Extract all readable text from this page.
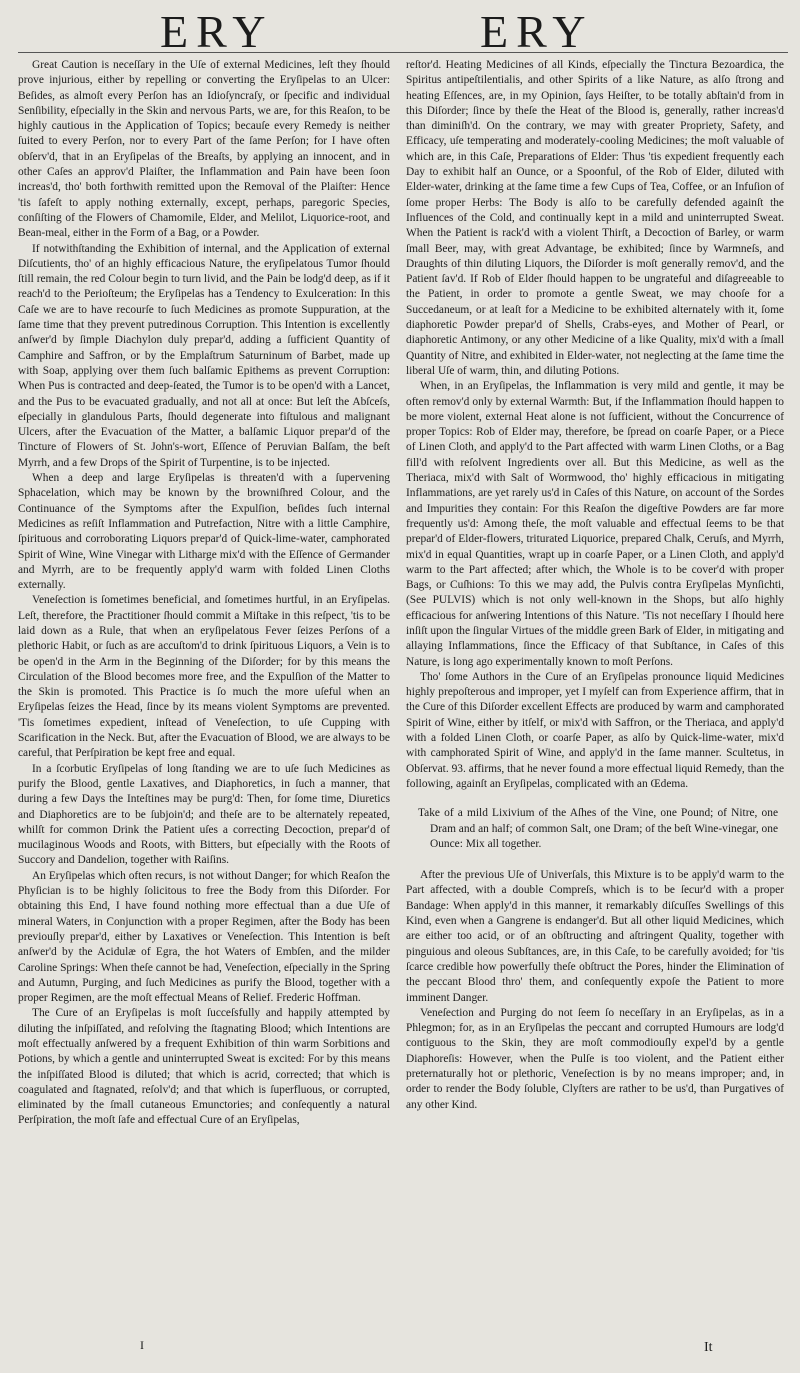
ERY	ERY

Great Caution is neceſſary in the Uſe of external Medicines, leſt they ſhould prove injurious, either by repelling or converting the Eryſipelas to an Ulcer: Beſides, as almoſt every Perſon has an Idioſyncraſy, or ſpecific and individual Senſibility, eſpecially in the Skin and nervous Parts, we are, for this Reaſon, to be highly cautious in the Application of Topics; becauſe every Remedy is neither ſuited to every Perſon, nor to every Part of the ſame Perſon; for I have often obſerv'd, that in an Eryſipelas of the Breaſts, by applying an innocent, and in other Caſes an approv'd Plaiſter, the Inflammation and Pain have been ſoon increas'd, tho' both forthwith remitted upon the Removal of the Plaiſter: Hence 'tis ſafeſt to apply nothing externally, except, perhaps, paregoric Species, conſiſting of the Flowers of Chamomile, Elder, and Melilot, Liquorice-root, and Bean-meal, either in the Form of a Bag, or a Powder.

If notwithſtanding the Exhibition of internal, and the Application of external Diſcutients, tho' of an highly efficacious Nature, the eryſipelatous Tumor ſhould ſtill remain, the red Colour begin to turn livid, and the Pain be lodg'd deep, as if it reach'd to the Perioſteum; the Eryſipelas has a Tendency to Exulceration: In this Caſe we are to have recourſe to ſuch Medicines as promote Suppuration, at the ſame time that they prevent putredinous Corruption. This Intention is excellently anſwer'd by ſimple Diachylon duly prepar'd, adding a ſufficient Quantity of Camphire and Saffron, or by the Emplaſtrum Saturninum of Barbet, made up with Soap, applying over them ſuch balſamic Epithems as prevent Corruption: When Pus is contracted and deep-ſeated, the Tumor is to be open'd with a Lancet, and the Pus to be evacuated gradually, and not all at once: But leſt the Abſceſs, eſpecially in glandulous Parts, ſhould degenerate into fiſtulous and malignant Ulcers, after the Evacuation of the Matter, a balſamic Liquor prepar'd of the Tincture of Flowers of St. John's-wort, Eſſence of Peruvian Balſam, the beſt Myrrh, and a few Drops of the Spirit of Turpentine, is to be injected.

When a deep and large Eryſipelas is threaten'd with a ſupervening Sphacelation, which may be known by the browniſhred Colour, and the Continuance of the Symptoms after the Expulſion, beſides ſuch internal Medicines as reſiſt Inflammation and Putrefaction, Nitre with a little Camphire, ſpirituous and corroborating Liquors prepar'd of Quick-lime-water, camphorated Spirit of Wine, Wine Vinegar with Litharge mix'd with the Eſſence of Germander and Myrrh, are to be frequently apply'd warm with folded Linen Cloths externally.

Veneſection is ſometimes beneficial, and ſometimes hurtful, in an Eryſipelas. Leſt, therefore, the Practitioner ſhould commit a Miſtake in this reſpect, 'tis to be laid down as a Rule, that when an eryſipelatous Fever ſeizes Perſons of a plethoric Habit, or ſuch as are accuſtom'd to drink ſpirituous Liquors, a Vein is to be open'd in the Arm in the Beginning of the Diſorder; for by this means the Circulation of the Blood becomes more free, and the Expulſion of the Matter to the Skin is promoted. This Practice is ſo much the more uſeful when an Eryſipelas ſeizes the Head, ſince by its means violent Symptoms are prevented. 'Tis ſometimes expedient, inſtead of Veneſection, to uſe Cupping with Scarification in the Neck. But, after the Evacuation of Blood, we are always to be careful, that Perſpiration be kept free and equal.

In a ſcorbutic Eryſipelas of long ſtanding we are to uſe ſuch Medicines as purify the Blood, gentle Laxatives, and Diaphoretics, in ſuch a manner, that during a few Days the Inteſtines may be purg'd: Then, for ſome time, Diuretics and Diaphoretics are to be ſubjoin'd; and theſe are to be alternately repeated, whilſt for common Drink the Patient uſes a correcting Decoction, prepar'd of mucilaginous Woods and Roots, with Bitters, but eſpecially with the Roots of Succory and Dandelion, together with Raiſins.

An Eryſipelas which often recurs, is not without Danger; for which Reaſon the Phyſician is to be highly ſolicitous to free the Body from this Diſorder. For obtaining this End, I have found nothing more effectual than a due Uſe of mineral Waters, in Conjunction with a proper Regimen, after the Body has been previouſly prepar'd, either by Laxatives or Veneſection. This Intention is beſt anſwer'd by the Acidulæ of Egra, the hot Waters of Embſen, and the milder Caroline Springs: When theſe cannot be had, Veneſection, eſpecially in the Spring and Autumn, Purging, and ſuch Medicines as purify the Blood, together with a proper Regimen, are the moſt effectual Means of Relief. Frederic Hoffman.

The Cure of an Eryſipelas is moſt ſucceſsfully and happily attempted by diluting the inſpiſſated, and reſolving the ſtagnating Blood; which Intentions are moſt effectually anſwered by a frequent Exhibition of thin warm Sorbitions and Potions, by which a gentle and uninterrupted Sweat is excited: For by this means the inſpiſſated Blood is diluted; that which is acrid, corrected; that which is coagulated and ſtagnated, reſolv'd; and that which is ſuperfluous, or corrupted, eliminated by the ſmall cutaneous Emunctories; and conſequently a natural Perſpiration, the moſt ſafe and effectual Cure of an Eryſipelas,

reſtor'd. Heating Medicines of all Kinds, eſpecially the Tinctura Bezoardica, the Spiritus antipeſtilentialis, and other Spirits of a like Nature, as alſo ſtrong and heating Eſſences, are, in my Opinion, ſays Heiſter, to be totally abſtain'd from in this Diſorder; ſince by theſe the Heat of the Blood is, generally, rather increas'd than diminiſh'd. On the contrary, we may with greater Propriety, Safety, and Efficacy, uſe temperating and moderately-cooling Medicines; the moſt valuable of which are, in this Caſe, Preparations of Elder: Thus 'tis expedient frequently each Day to exhibit half an Ounce, or a Spoonful, of the Rob of Elder, diluted with Elder-water, drinking at the ſame time a few Cups of Tea, Coffee, or an Infuſion of ſome proper Herbs: The Body is alſo to be carefully defended againſt the Influences of the Cold, and continually kept in a mild and uninterrupted Sweat. When the Patient is rack'd with a violent Thirſt, a Decoction of Barley, or warm ſmall Beer, may, with great Advantage, be exhibited; ſince by Warmneſs, and Draughts of thin diluting Liquors, the Diſorder is moſt generally remov'd, and the Patient ſav'd. If Rob of Elder ſhould happen to be ungrateful and diſagreeable to the Patient, in order to promote a gentle Sweat, we may chooſe for a Succedaneum, or at leaſt for a Medicine to be exhibited alternately with it, ſome diaphoretic Powder prepar'd of Shells, Crabs-eyes, and Mother of Pearl, or diaphoretic Antimony, or any other Medicine of a like Quality, mix'd with a ſmall Quantity of Nitre, and exhibited in Elder-water, not neglecting at the ſame time the liberal Uſe of warm, thin, and diluting Potions.

When, in an Eryſipelas, the Inflammation is very mild and gentle, it may be often remov'd only by external Warmth: But, if the Inflammation ſhould happen to be more violent, external Heat alone is not ſufficient, without the Concurrence of proper Topics: Rob of Elder may, therefore, be ſpread on coarſe Paper, or a Piece of Linen Cloth, and apply'd to the Part affected with warm Linen Cloths, or a Bag fill'd with reſolvent Ingredients over all. But this Medicine, as well as the Theriaca, mix'd with Salt of Wormwood, tho' highly efficacious in mitigating Inflammations, are yet rarely us'd in Caſes of this Nature, on account of the Sordes and Impurities they contain: For this Reaſon the digeſtive Powders are far more frequently us'd: Among theſe, the moſt valuable and effectual ſeems to be that prepar'd of Elder-flowers, triturated Liquorice, prepared Chalk, Ceruſs, and Myrrh, mix'd in equal Quantities, wrapt up in coarſe Paper, or a Linen Cloth, and apply'd warm to the Part affected; after which, the Whole is to be cover'd with proper Bags, or Cuſhions: To this we may add, the Pulvis contra Eryſipelas Mynſichti, (See PULVIS) which is not only well-known in the Shops, but alſo highly efficacious for anſwering Intentions of this Nature. 'Tis not neceſſary I ſhould here inſiſt upon the ſingular Virtues of the middle green Bark of Elder, in mitigating and allaying Inflammations, ſince the Efficacy of that Subſtance, in Caſes of this Nature, is long ago experimentally known to moſt Perſons.

Tho' ſome Authors in the Cure of an Eryſipelas pronounce liquid Medicines highly prepoſterous and improper, yet I myſelf can from Experience affirm, that in the Cure of this Diſorder excellent Effects are produced by warm and camphorated Spirit of Wine, either by itſelf, or mix'd with Saffron, or the Theriaca, and apply'd with a folded Linen Cloth, or coarſe Paper, as alſo by Quick-lime-water, mix'd with camphorated Spirit of Wine, and apply'd in the ſame manner. Scultetus, in Obſervat. 93. affirms, that he never found a more effectual liquid Remedy, than the following, againſt an Eryſipelas, complicated with an Œdema.

Take of a mild Lixivium of the Aſhes of the Vine, one Pound; of Nitre, one Dram and an half; of common Salt, one Dram; of the beſt Wine-vinegar, one Ounce: Mix all together.

After the previous Uſe of Univerſals, this Mixture is to be apply'd warm to the Part affected, with a double Compreſs, which is to be ſecur'd with a proper Bandage: When apply'd in this manner, it remarkably diſcuſſes Swellings of this Kind, even when a Gangrene is endanger'd. But all other liquid Medicines, which are either too acid, or of an obſtructing and aſtringent Quality, together with pinguious and oleous Subſtances, are, in this Caſe, to be carefully avoided; for 'tis ſcarce credible how powerfully theſe obſtruct the Pores, hinder the Elimination of the peccant Blood thro' them, and conſequently expoſe the Patient to more imminent Danger.

Veneſection and Purging do not ſeem ſo neceſſary in an Eryſipelas, as in a Phlegmon; for, as in an Eryſipelas the peccant and corrupted Humours are lodg'd contiguous to the Skin, they are moſt commodiouſly expel'd by a gentle Diaphoreſis: However, when the Pulſe is too violent, and the Patient either preternaturally hot or plethoric, Veneſection is by no means improper; and, in order to render the Body ſoluble, Clyſters are rather to be us'd, than Purgatives of any other Kind.

I	It
